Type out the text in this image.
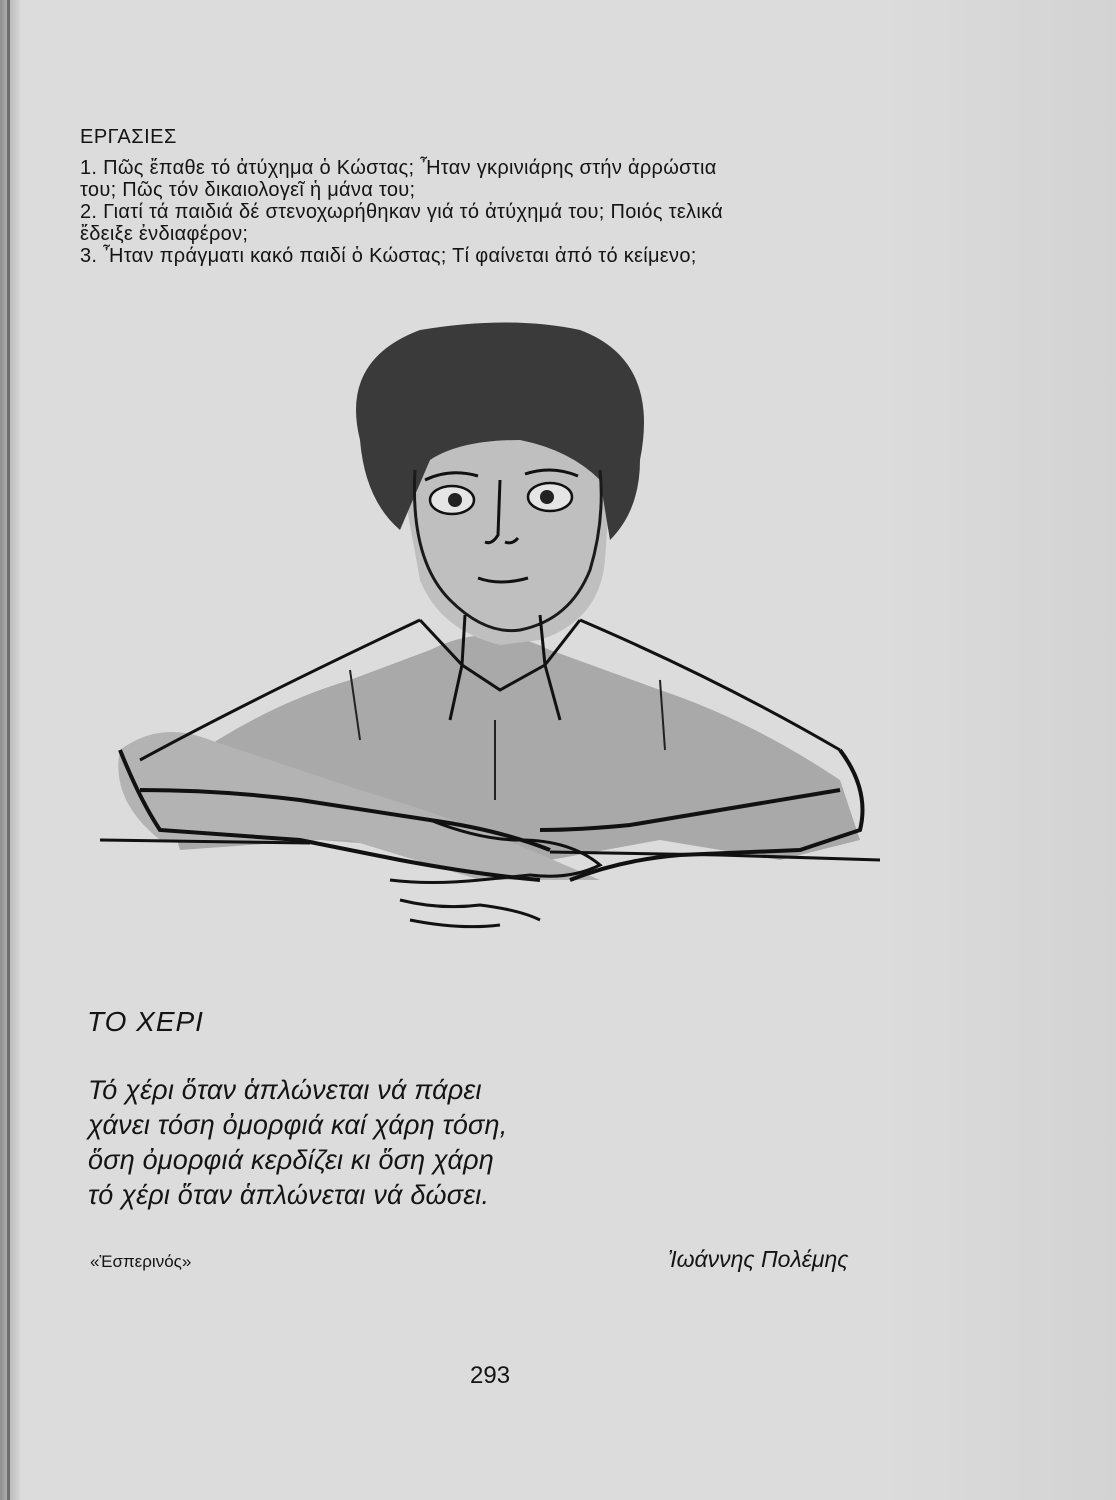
ΕΡΓΑΣΙΕΣ
1. Πῶς ἔπαθε τό ἀτύχημα ὁ Κώστας; Ἦταν γκρινιάρης στήν ἀρρώστια
του; Πῶς τόν δικαιολογεῖ ἡ μάνα του;
2. Γιατί τά παιδιά δέ στενοχωρήθηκαν γιά τό ἀτύχημά του; Ποιός τελικά
ἔδειξε ἐνδιαφέρον;
3. Ἦταν πράγματι κακό παιδί ὁ Κώστας; Τί φαίνεται ἀπό τό κείμενο;
ΤΟ ΧΕΡΙ
Τό χέρι ὅταν ἁπλώνεται νά πάρει
χάνει τόση ὀμορφιά καί χάρη τόση,
ὅση ὀμορφιά κερδίζει κι ὅση χάρη
τό χέρι ὅταν ἁπλώνεται νά δώσει.
«Ἑσπερινός»	Ἰωάννης Πολέμης
293
